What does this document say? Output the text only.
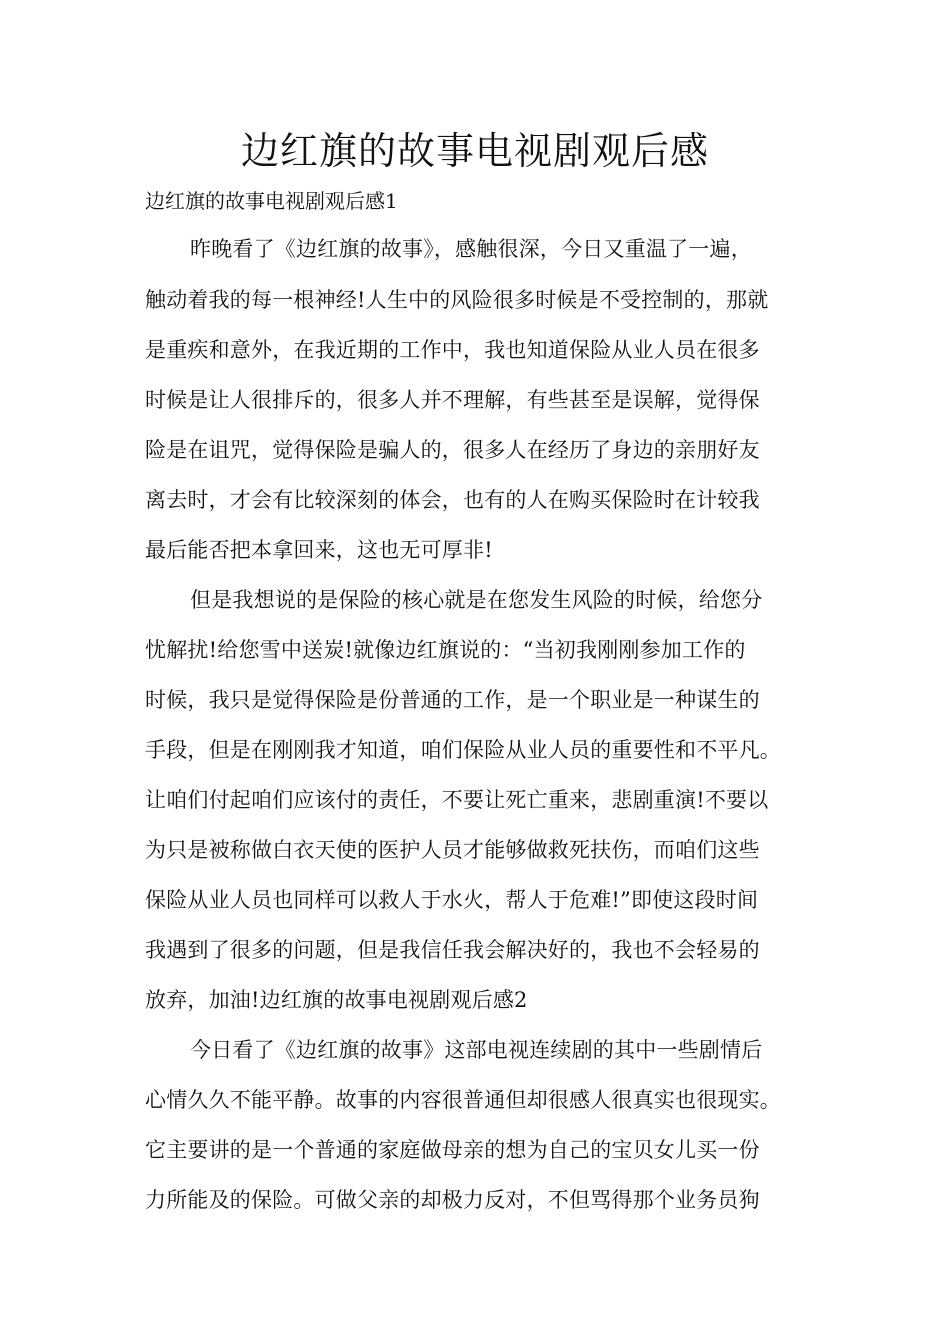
边红旗的故事电视剧观后感
边红旗的故事电视剧观后感1
昨晚看了《边红旗的故事》，感触很深，今日又重温了一遍，
触动着我的每一根神经!人生中的风险很多时候是不受控制的，那就
是重疾和意外，在我近期的工作中，我也知道保险从业人员在很多
时候是让人很排斥的，很多人并不理解，有些甚至是误解，觉得保
险是在诅咒，觉得保险是骗人的，很多人在经历了身边的亲朋好友
离去时，才会有比较深刻的体会，也有的人在购买保险时在计较我
最后能否把本拿回来，这也无可厚非!
但是我想说的是保险的核心就是在您发生风险的时候，给您分
忧解扰!给您雪中送炭!就像边红旗说的：“当初我刚刚参加工作的
时候，我只是觉得保险是份普通的工作，是一个职业是一种谋生的
手段，但是在刚刚我才知道，咱们保险从业人员的重要性和不平凡。
让咱们付起咱们应该付的责任，不要让死亡重来，悲剧重演!不要以
为只是被称做白衣天使的医护人员才能够做救死扶伤，而咱们这些
保险从业人员也同样可以救人于水火，帮人于危难!”即使这段时间
我遇到了很多的问题，但是我信任我会解决好的，我也不会轻易的
放弃，加油!边红旗的故事电视剧观后感2
今日看了《边红旗的故事》这部电视连续剧的其中一些剧情后
心情久久不能平静。故事的内容很普通但却很感人很真实也很现实。
它主要讲的是一个普通的家庭做母亲的想为自己的宝贝女儿买一份
力所能及的保险。可做父亲的却极力反对，不但骂得那个业务员狗
